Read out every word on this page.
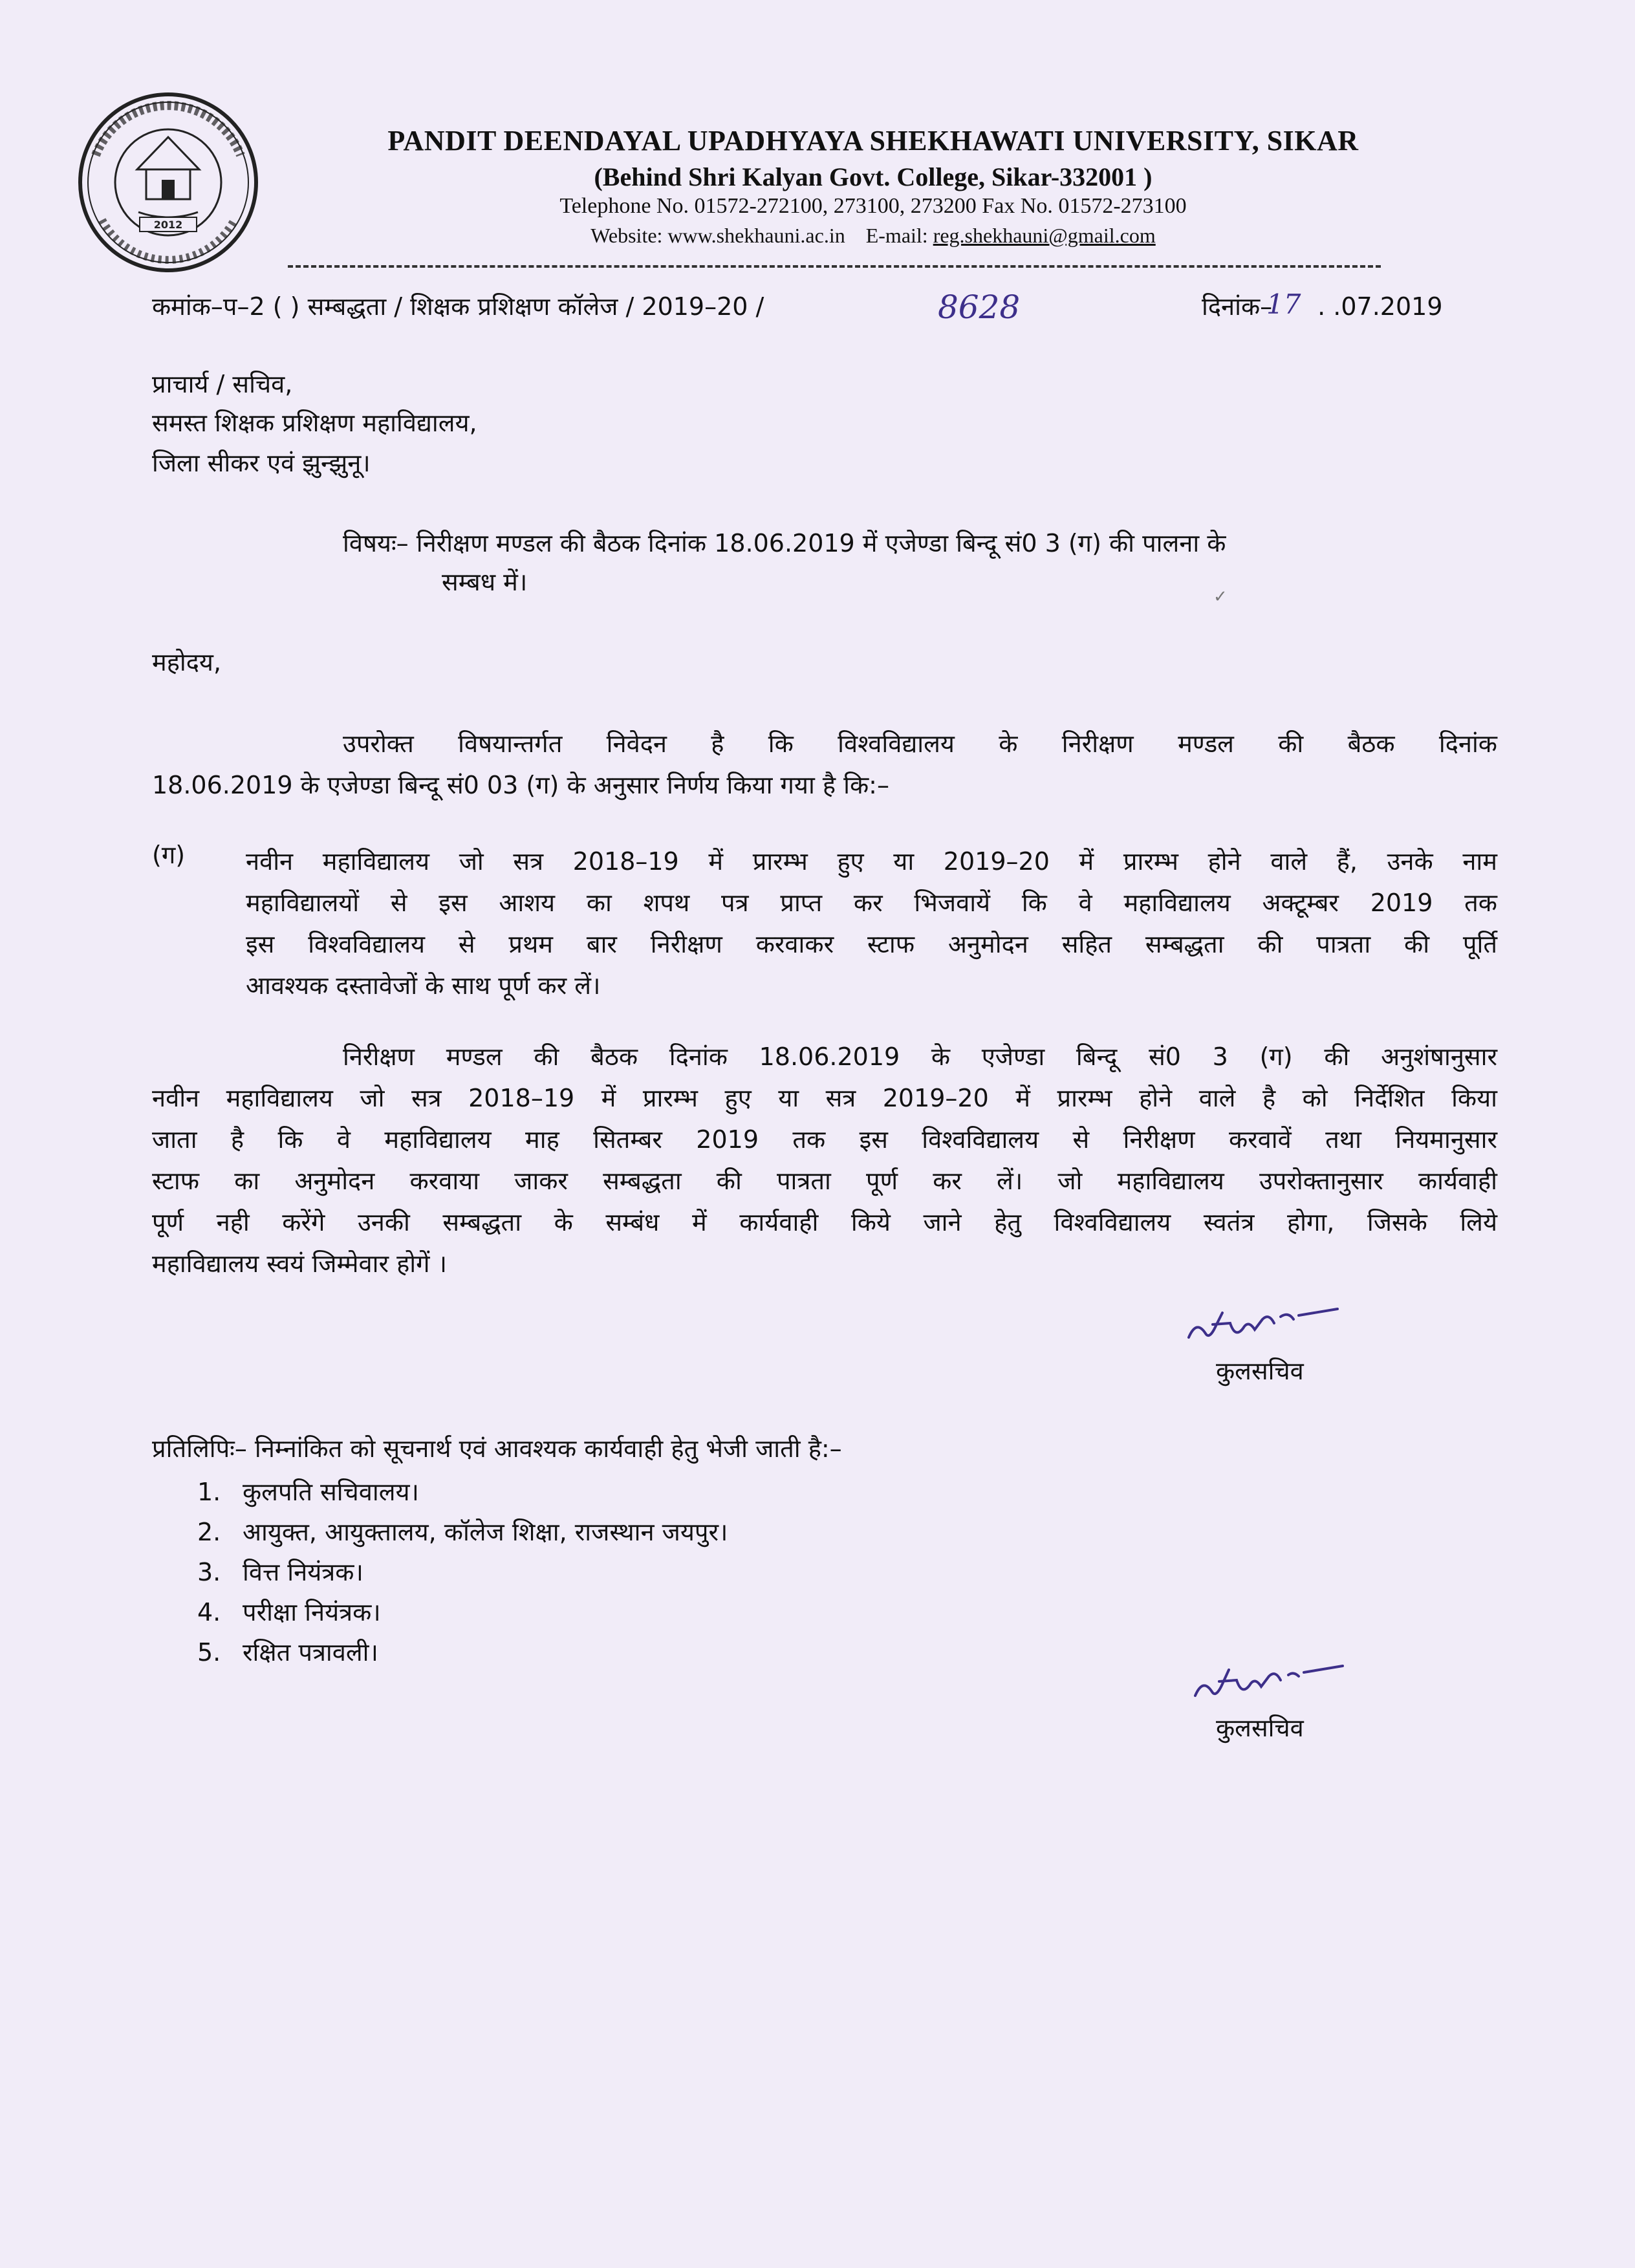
2012
PANDIT DEENDAYAL UPADHYAYA SHEKHAWATI UNIVERSITY, SIKAR
(Behind Shri Kalyan Govt. College, Sikar-332001 )
Telephone No. 01572-272100, 273100, 273200 Fax No. 01572-273100
Website: www.shekhauni.ac.in    E-mail: reg.shekhauni@gmail.com
कमांक–प–2 ( ) सम्बद्धता / शिक्षक प्रशिक्षण कॉलेज / 2019–20 /	8628	दिनांक– . .07.2019
17
प्राचार्य / सचिव,
समस्त शिक्षक प्रशिक्षण महाविद्यालय,
जिला सीकर एवं झुन्झुनू।
विषयः– निरीक्षण मण्डल की बैठक दिनांक 18.06.2019 में एजेण्डा बिन्दू सं0 3 (ग) की पालना के
सम्बध में।
✓
महोदय,

उपरोक्त विषयान्तर्गत निवेदन है कि विश्वविद्यालय के निरीक्षण मण्डल की बैठक दिनांक

18.06.2019 के एजेण्डा बिन्दू सं0 03 (ग) के अनुसार निर्णय किया गया है कि:–

(ग) नवीन महाविद्यालय जो सत्र 2018–19 में प्रारम्भ हुए या 2019–20 में प्रारम्भ होने वाले हैं, उनके नाम

महाविद्यालयों से इस आशय का शपथ पत्र प्राप्त कर भिजवायें कि वे महाविद्यालय अक्टूम्बर 2019 तक

इस विश्वविद्यालय से प्रथम बार निरीक्षण करवाकर स्टाफ अनुमोदन सहित सम्बद्धता की पात्रता की पूर्ति

आवश्यक दस्तावेजों के साथ पूर्ण कर लें।

निरीक्षण मण्डल की बैठक दिनांक 18.06.2019 के एजेण्डा बिन्दू सं0 3 (ग) की अनुशंषानुसार

नवीन महाविद्यालय जो सत्र 2018–19 में प्रारम्भ हुए या सत्र 2019–20 में प्रारम्भ होने वाले है को निर्देशित किया

जाता है कि वे महाविद्यालय माह सितम्बर 2019 तक इस विश्वविद्यालय से निरीक्षण करवावें तथा नियमानुसार

स्टाफ का अनुमोदन करवाया जाकर सम्बद्धता की पात्रता पूर्ण कर लें। जो महाविद्यालय उपरोक्तानुसार कार्यवाही

पूर्ण नही करेंगे उनकी सम्बद्धता के सम्बंध में कार्यवाही किये जाने हेतु विश्वविद्यालय स्वतंत्र होगा, जिसके लिये

महाविद्यालय स्वयं जिम्मेवार होगें ।

कुलसचिव
प्रतिलिपिः– निम्नांकित को सूचनार्थ एवं आवश्यक कार्यवाही हेतु भेजी जाती है:–
1. कुलपति सचिवालय।
2. आयुक्त, आयुक्तालय, कॉलेज शिक्षा, राजस्थान जयपुर।
3. वित्त नियंत्रक।
4. परीक्षा नियंत्रक।
5. रक्षित पत्रावली।
कुलसचिव
